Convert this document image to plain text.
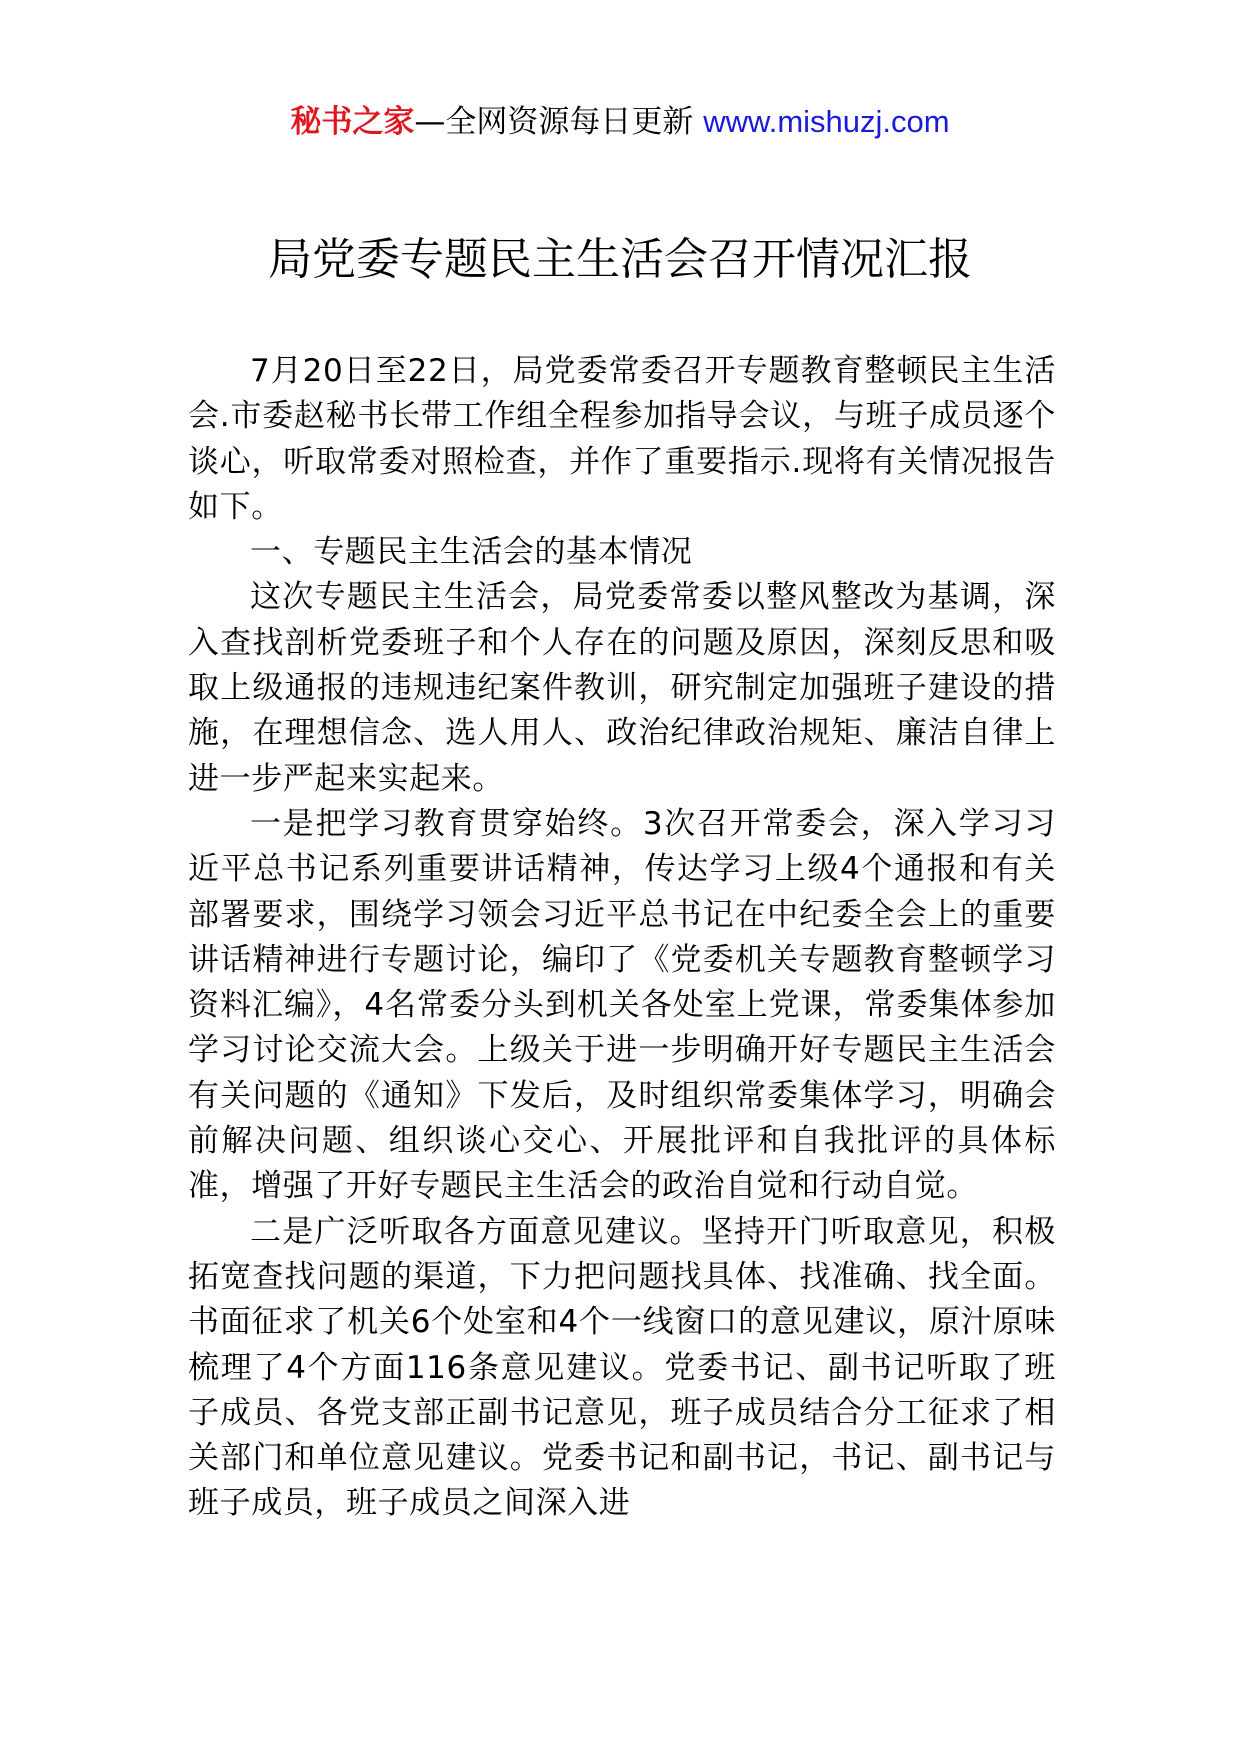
秘书之家—全网资源每日更新 www.mishuzj.com
局党委专题民主生活会召开情况汇报

7月20日至22日，局党委常委召开专题教育整顿民主生活会.市委赵秘书长带工作组全程参加指导会议，与班子成员逐个谈心，听取常委对照检查，并作了重要指示.现将有关情况报告如下。

一、专题民主生活会的基本情况

这次专题民主生活会，局党委常委以整风整改为基调，深入查找剖析党委班子和个人存在的问题及原因，深刻反思和吸取上级通报的违规违纪案件教训，研究制定加强班子建设的措施，在理想信念、选人用人、政治纪律政治规矩、廉洁自律上进一步严起来实起来。

一是把学习教育贯穿始终。3次召开常委会，深入学习习近平总书记系列重要讲话精神，传达学习上级4个通报和有关部署要求，围绕学习领会习近平总书记在中纪委全会上的重要讲话精神进行专题讨论，编印了《党委机关专题教育整顿学习资料汇编》，4名常委分头到机关各处室上党课，常委集体参加学习讨论交流大会。上级关于进一步明确开好专题民主生活会有关问题的《通知》下发后，及时组织常委集体学习，明确会前解决问题、组织谈心交心、开展批评和自我批评的具体标准，增强了开好专题民主生活会的政治自觉和行动自觉。

二是广泛听取各方面意见建议。坚持开门听取意见，积极拓宽查找问题的渠道，下力把问题找具体、找准确、找全面。书面征求了机关6个处室和4个一线窗口的意见建议，原汁原味梳理了4个方面116条意见建议。党委书记、副书记听取了班子成员、各党支部正副书记意见，班子成员结合分工征求了相关部门和单位意见建议。党委书记和副书记，书记、副书记与班子成员，班子成员之间深入进
